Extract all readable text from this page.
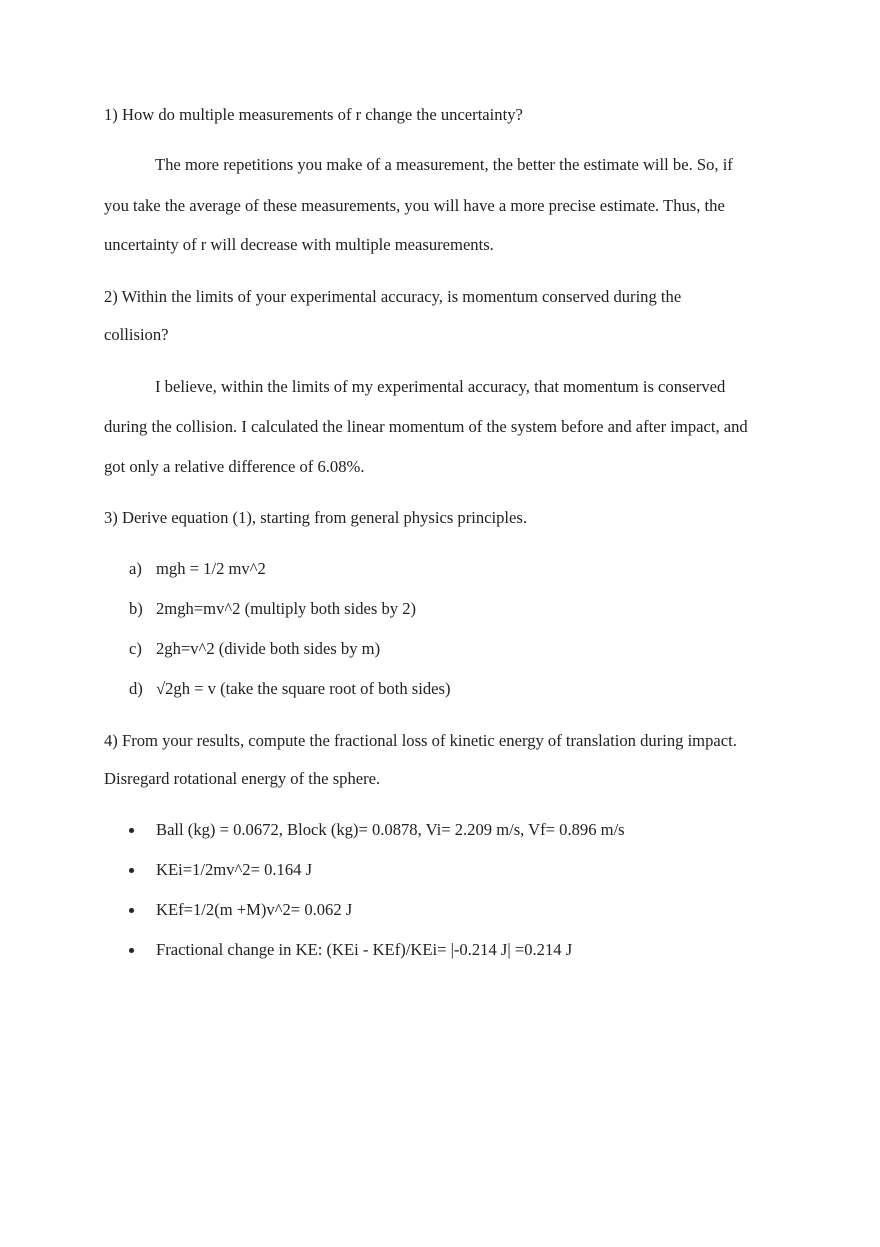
1) How do multiple measurements of r change the uncertainty?
The more repetitions you make of a measurement, the better the estimate will be. So, if
you take the average of these measurements, you will have a more precise estimate. Thus, the
uncertainty of r will decrease with multiple measurements.
2) Within the limits of your experimental accuracy, is momentum conserved during the
collision?
I believe, within the limits of my experimental accuracy, that momentum is conserved
during the collision. I calculated the linear momentum of the system before and after impact, and
got only a relative difference of 6.08%.
3) Derive equation (1), starting from general physics principles.
a) mgh = 1/2 mv^2
b) 2mgh=mv^2 (multiply both sides by 2)
c) 2gh=v^2 (divide both sides by m)
d) √2gh = v (take the square root of both sides)
4) From your results, compute the fractional loss of kinetic energy of translation during impact.
Disregard rotational energy of the sphere.
Ball (kg) = 0.0672, Block (kg)= 0.0878, Vi= 2.209 m/s, Vf= 0.896 m/s
KEi=1/2mv^2= 0.164 J
KEf=1/2(m +M)v^2= 0.062 J
Fractional change in KE: (KEi - KEf)/KEi= |-0.214 J| =0.214 J
